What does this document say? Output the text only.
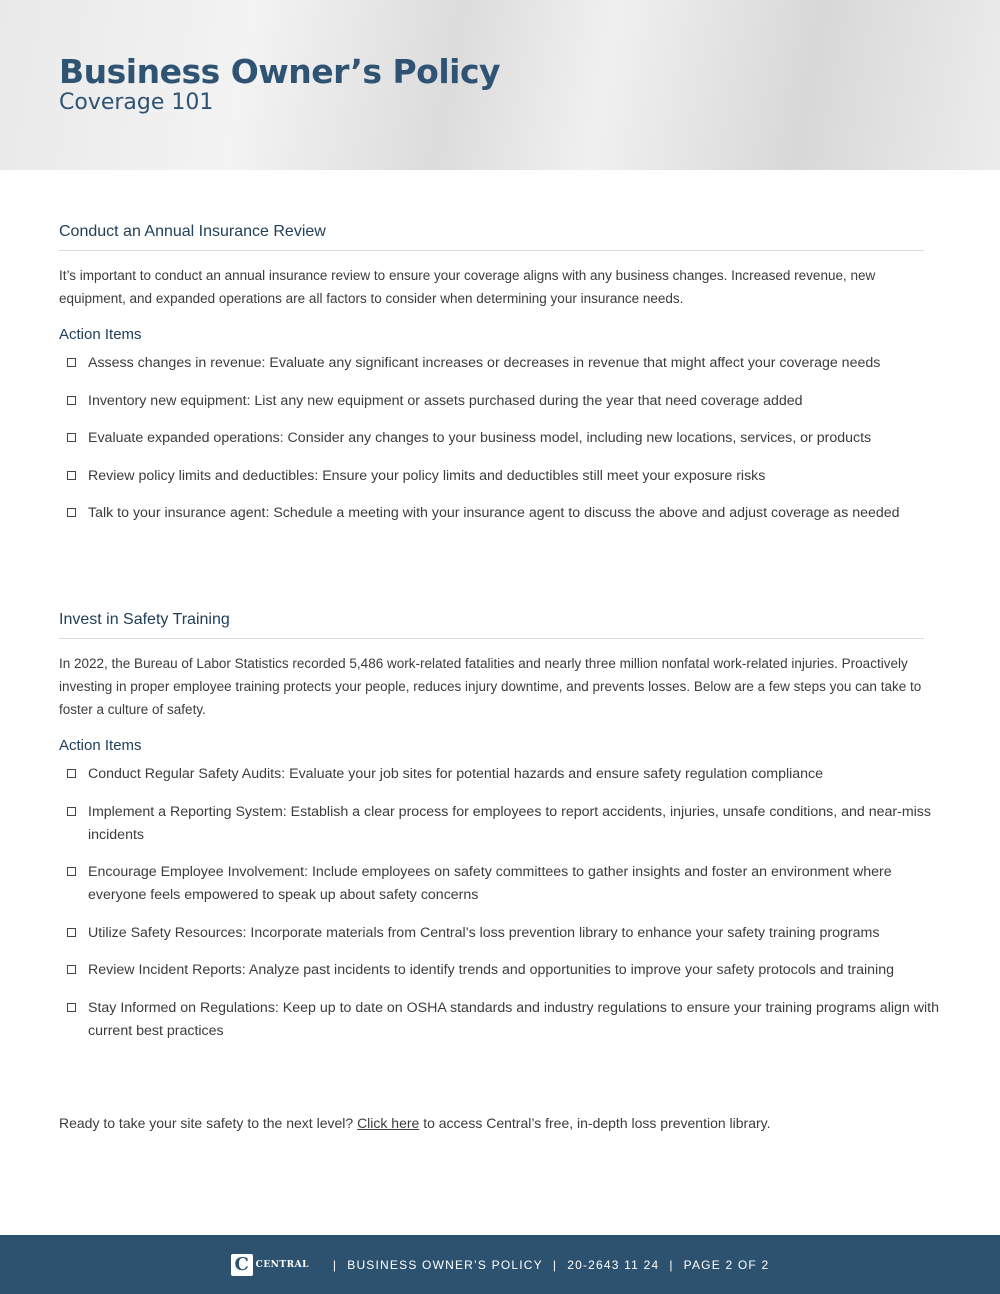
Business Owner’s Policy
Coverage 101
Conduct an Annual Insurance Review

It’s important to conduct an annual insurance review to ensure your coverage aligns with any business changes. Increased revenue, new equipment, and expanded operations are all factors to consider when determining your insurance needs.

Action Items
Assess changes in revenue: Evaluate any significant increases or decreases in revenue that might affect your coverage needs
Inventory new equipment: List any new equipment or assets purchased during the year that need coverage added
Evaluate expanded operations: Consider any changes to your business model, including new locations, services, or products
Review policy limits and deductibles: Ensure your policy limits and deductibles still meet your exposure risks
Talk to your insurance agent: Schedule a meeting with your insurance agent to discuss the above and adjust coverage as needed
Invest in Safety Training

In 2022, the Bureau of Labor Statistics recorded 5,486 work-related fatalities and nearly three million nonfatal work-related injuries. Proactively investing in proper employee training protects your people, reduces injury downtime, and prevents losses. Below are a few steps you can take to foster a culture of safety.

Action Items
Conduct Regular Safety Audits: Evaluate your job sites for potential hazards and ensure safety regulation compliance
Implement a Reporting System: Establish a clear process for employees to report accidents, injuries, unsafe conditions, and near-miss incidents
Encourage Employee Involvement: Include employees on safety committees to gather insights and foster an environment where everyone feels empowered to speak up about safety concerns
Utilize Safety Resources: Incorporate materials from Central’s loss prevention library to enhance your safety training programs
Review Incident Reports: Analyze past incidents to identify trends and opportunities to improve your safety protocols and training
Stay Informed on Regulations: Keep up to date on OSHA standards and industry regulations to ensure your training programs align with current best practices

Ready to take your site safety to the next level? Click here to access Central’s free, in-depth loss prevention library.

C CENTRAL | BUSINESS OWNER’S POLICY | 20-2643 11 24 | PAGE 2 OF 2
